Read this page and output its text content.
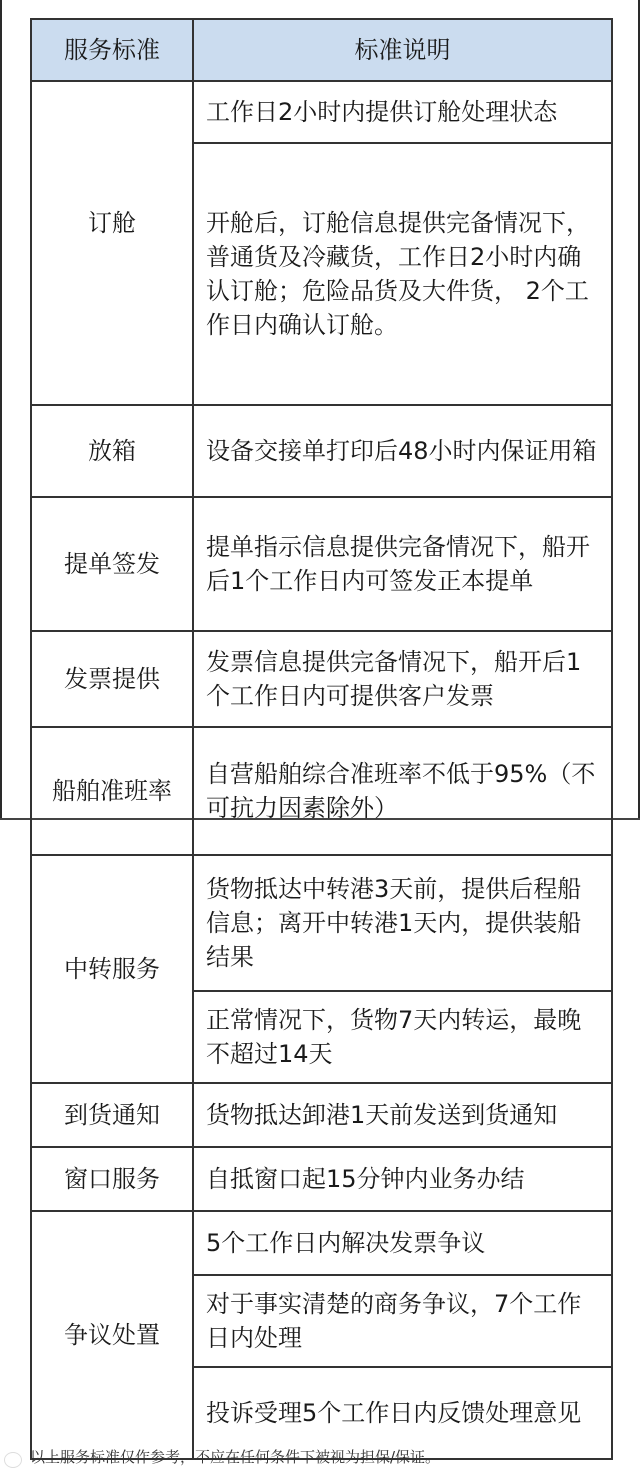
服务标准	标准说明
订舱	工作日2小时内提供订舱处理状态
	开舱后，订舱信息提供完备情况下，普通货及冷藏货，工作日2小时内确认订舱；危险品货及大件货， 2个工作日内确认订舱。
放箱	设备交接单打印后48小时内保证用箱
提单签发	提单指示信息提供完备情况下，船开后1个工作日内可签发正本提单
发票提供	发票信息提供完备情况下，船开后1个工作日内可提供客户发票
船舶准班率	自营船舶综合准班率不低于95%（不可抗力因素除外）
中转服务	货物抵达中转港3天前，提供后程船信息；离开中转港1天内，提供装船结果
	正常情况下，货物7天内转运，最晚不超过14天
到货通知	货物抵达卸港1天前发送到货通知
窗口服务	自抵窗口起15分钟内业务办结
争议处置	5个工作日内解决发票争议
	对于事实清楚的商务争议，7个工作日内处理
	投诉受理5个工作日内反馈处理意见
以上服务标准仅作参考，不应在任何条件下被视为担保/保证。
